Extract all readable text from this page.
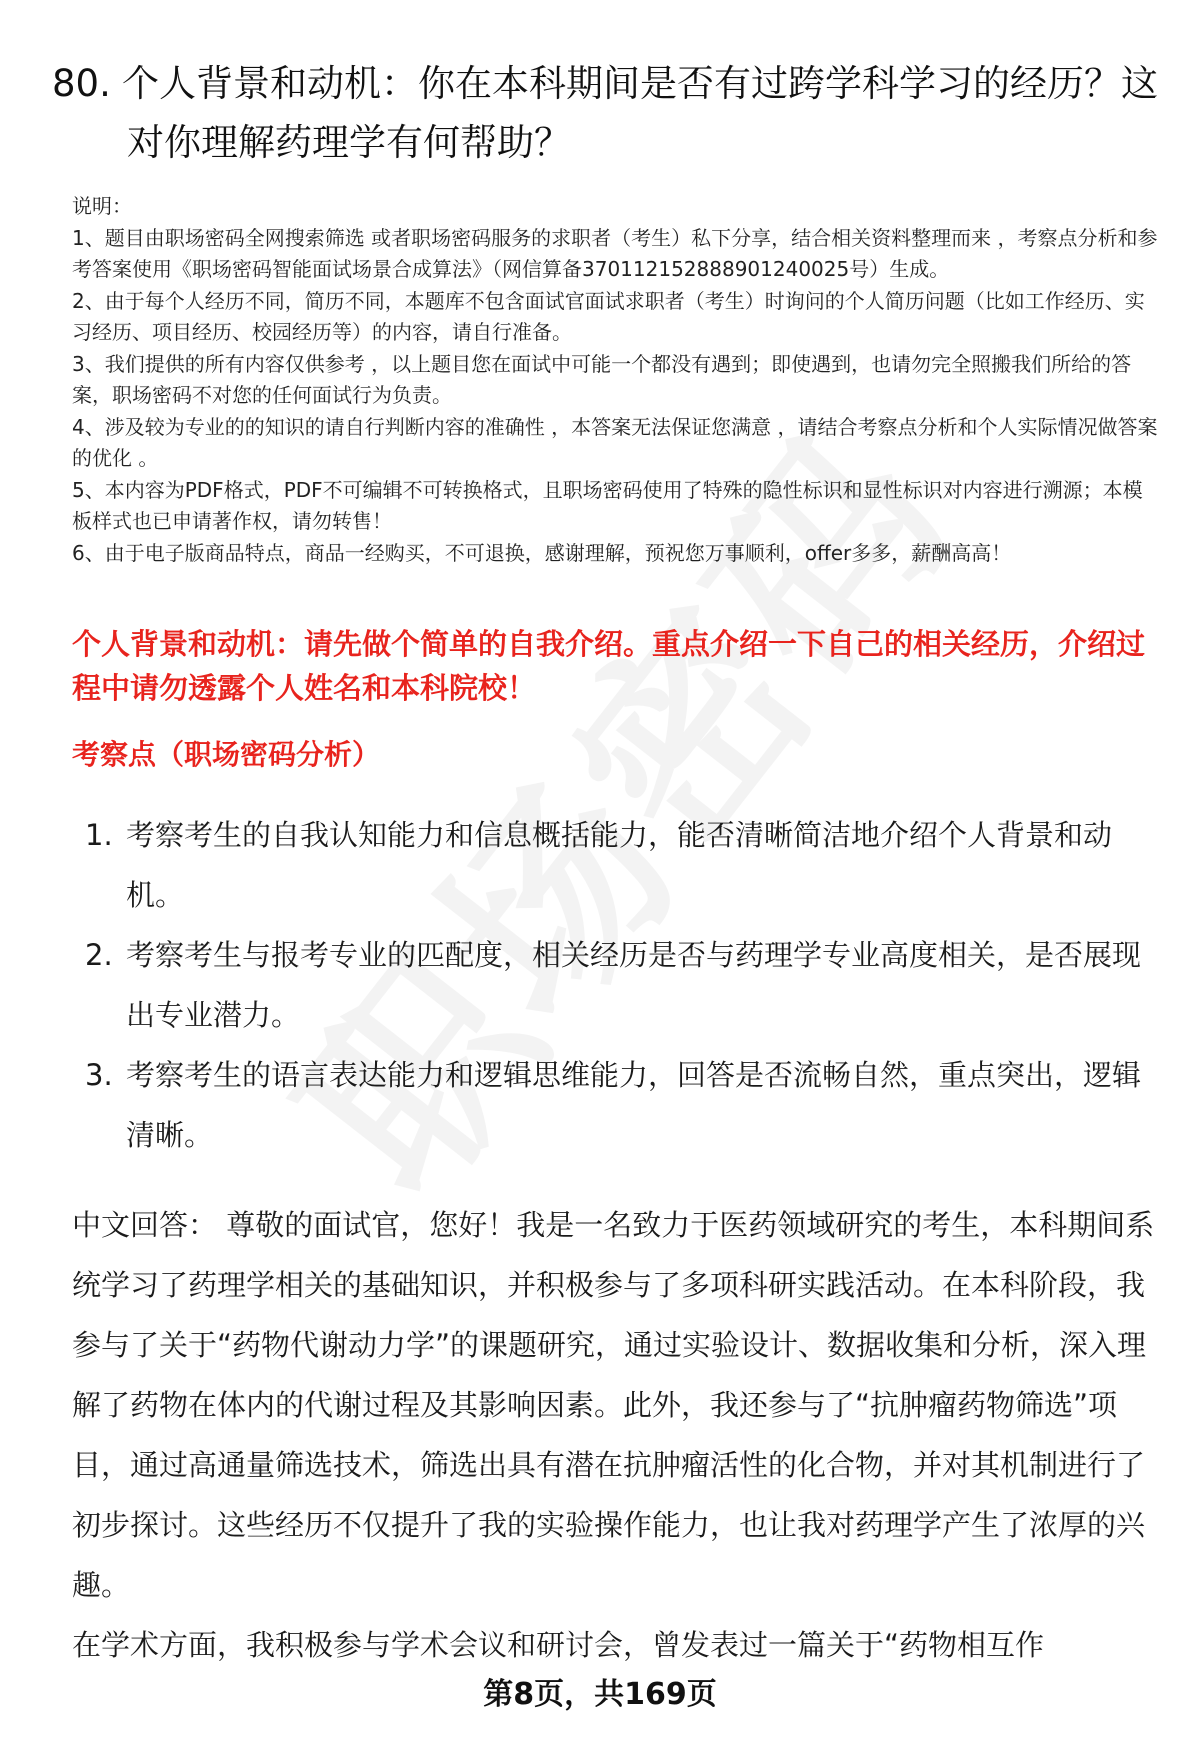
80. 个人背景和动机：你在本科期间是否有过跨学科学习的经历？这
对你理解药理学有何帮助？

说明：

1、题目由职场密码全网搜索筛选 或者职场密码服务的求职者（考生）私下分享，结合相关资料整理而来 ，考察点分析和参考答案使用《职场密码智能面试场景合成算法》（网信算备370112152888901240025号）生成。

2、由于每个人经历不同，简历不同，本题库不包含面试官面试求职者（考生）时询问的个人简历问题（比如工作经历、实习经历、项目经历、校园经历等）的内容，请自行准备。

3、我们提供的所有内容仅供参考 ，以上题目您在面试中可能一个都没有遇到；即使遇到，也请勿完全照搬我们所给的答案，职场密码不对您的任何面试行为负责。

4、涉及较为专业的的知识的请自行判断内容的准确性 ，本答案无法保证您满意 ，请结合考察点分析和个人实际情况做答案的优化 。

5、本内容为PDF格式，PDF不可编辑不可转换格式，且职场密码使用了特殊的隐性标识和显性标识对内容进行溯源；本模板样式也已申请著作权，请勿转售！

6、由于电子版商品特点，商品一经购买，不可退换，感谢理解，预祝您万事顺利，offer多多，薪酬高高！

个人背景和动机：请先做个简单的自我介绍。重点介绍一下自己的相关经历，介绍过程中请勿透露个人姓名和本科院校！
考察点（职场密码分析）
1. 考察考生的自我认知能力和信息概括能力，能否清晰简洁地介绍个人背景和动机。
2. 考察考生与报考专业的匹配度，相关经历是否与药理学专业高度相关，是否展现出专业潜力。
3. 考察考生的语言表达能力和逻辑思维能力，回答是否流畅自然，重点突出，逻辑清晰。

中文回答： 尊敬的面试官，您好！我是一名致力于医药领域研究的考生，本科期间系统学习了药理学相关的基础知识，并积极参与了多项科研实践活动。在本科阶段，我参与了关于“药物代谢动力学”的课题研究，通过实验设计、数据收集和分析，深入理解了药物在体内的代谢过程及其影响因素。此外，我还参与了“抗肿瘤药物筛选”项目，通过高通量筛选技术，筛选出具有潜在抗肿瘤活性的化合物，并对其机制进行了初步探讨。这些经历不仅提升了我的实验操作能力，也让我对药理学产生了浓厚的兴趣。

在学术方面，我积极参与学术会议和研讨会，曾发表过一篇关于“药物相互作

第8页，共169页
